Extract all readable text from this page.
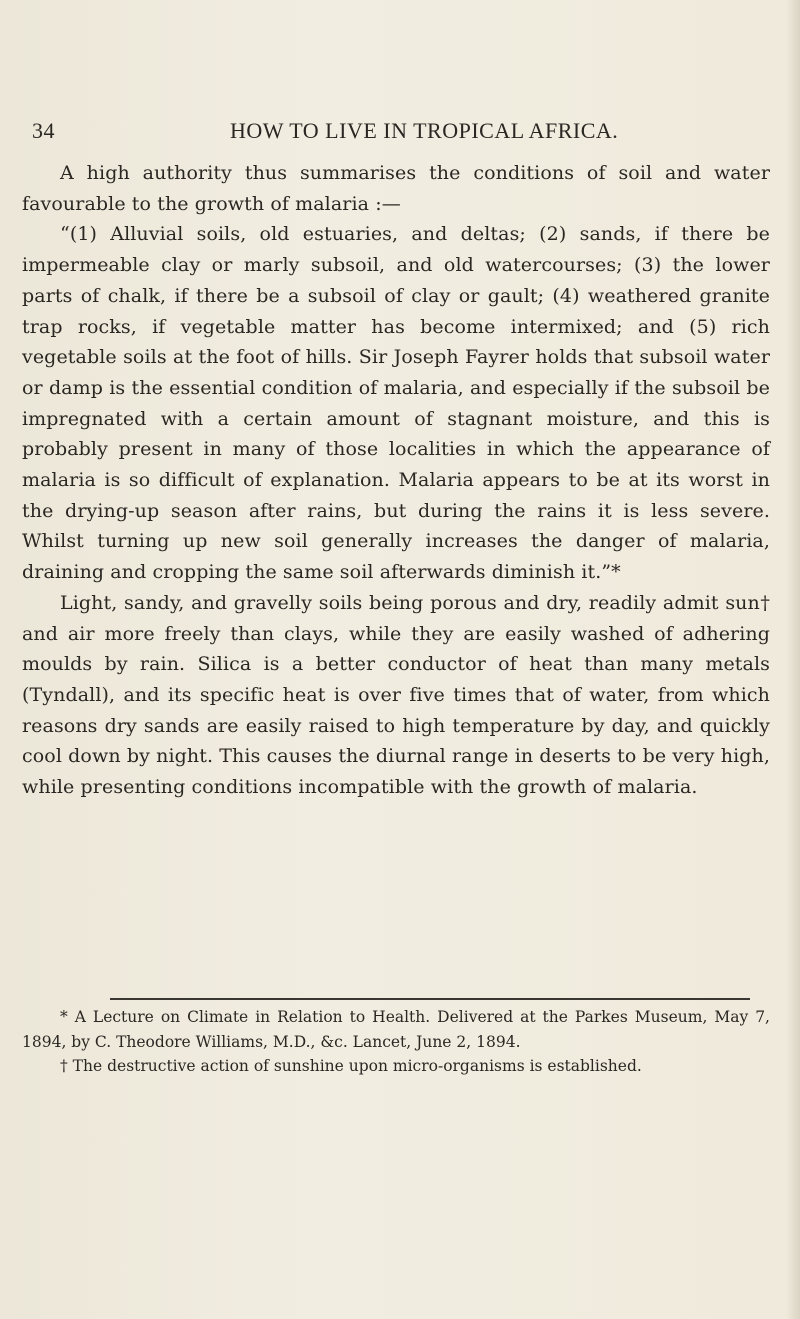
34	HOW TO LIVE IN TROPICAL AFRICA.

A high authority thus summarises the conditions of soil and water favourable to the growth of malaria :—

“(1) Alluvial soils, old estuaries, and deltas; (2) sands, if there be impermeable clay or marly subsoil, and old watercourses; (3) the lower parts of chalk, if there be a subsoil of clay or gault; (4) weathered granite trap rocks, if vegetable matter has become intermixed; and (5) rich vegetable soils at the foot of hills. Sir Joseph Fayrer holds that subsoil water or damp is the essential condition of malaria, and especially if the subsoil be impregnated with a certain amount of stagnant moisture, and this is probably present in many of those localities in which the appearance of malaria is so difficult of explanation. Malaria appears to be at its worst in the drying-up season after rains, but during the rains it is less severe. Whilst turning up new soil generally increases the danger of malaria, draining and cropping the same soil afterwards diminish it.”*

Light, sandy, and gravelly soils being porous and dry, readily admit sun† and air more freely than clays, while they are easily washed of adhering moulds by rain. Silica is a better conductor of heat than many metals (Tyndall), and its specific heat is over five times that of water, from which reasons dry sands are easily raised to high temperature by day, and quickly cool down by night. This causes the diurnal range in deserts to be very high, while presenting conditions incompatible with the growth of malaria.

* A Lecture on Climate in Relation to Health. Delivered at the Parkes Museum, May 7, 1894, by C. Theodore Williams, M.D., &c. Lancet, June 2, 1894.

† The destructive action of sunshine upon micro-organisms is established.
